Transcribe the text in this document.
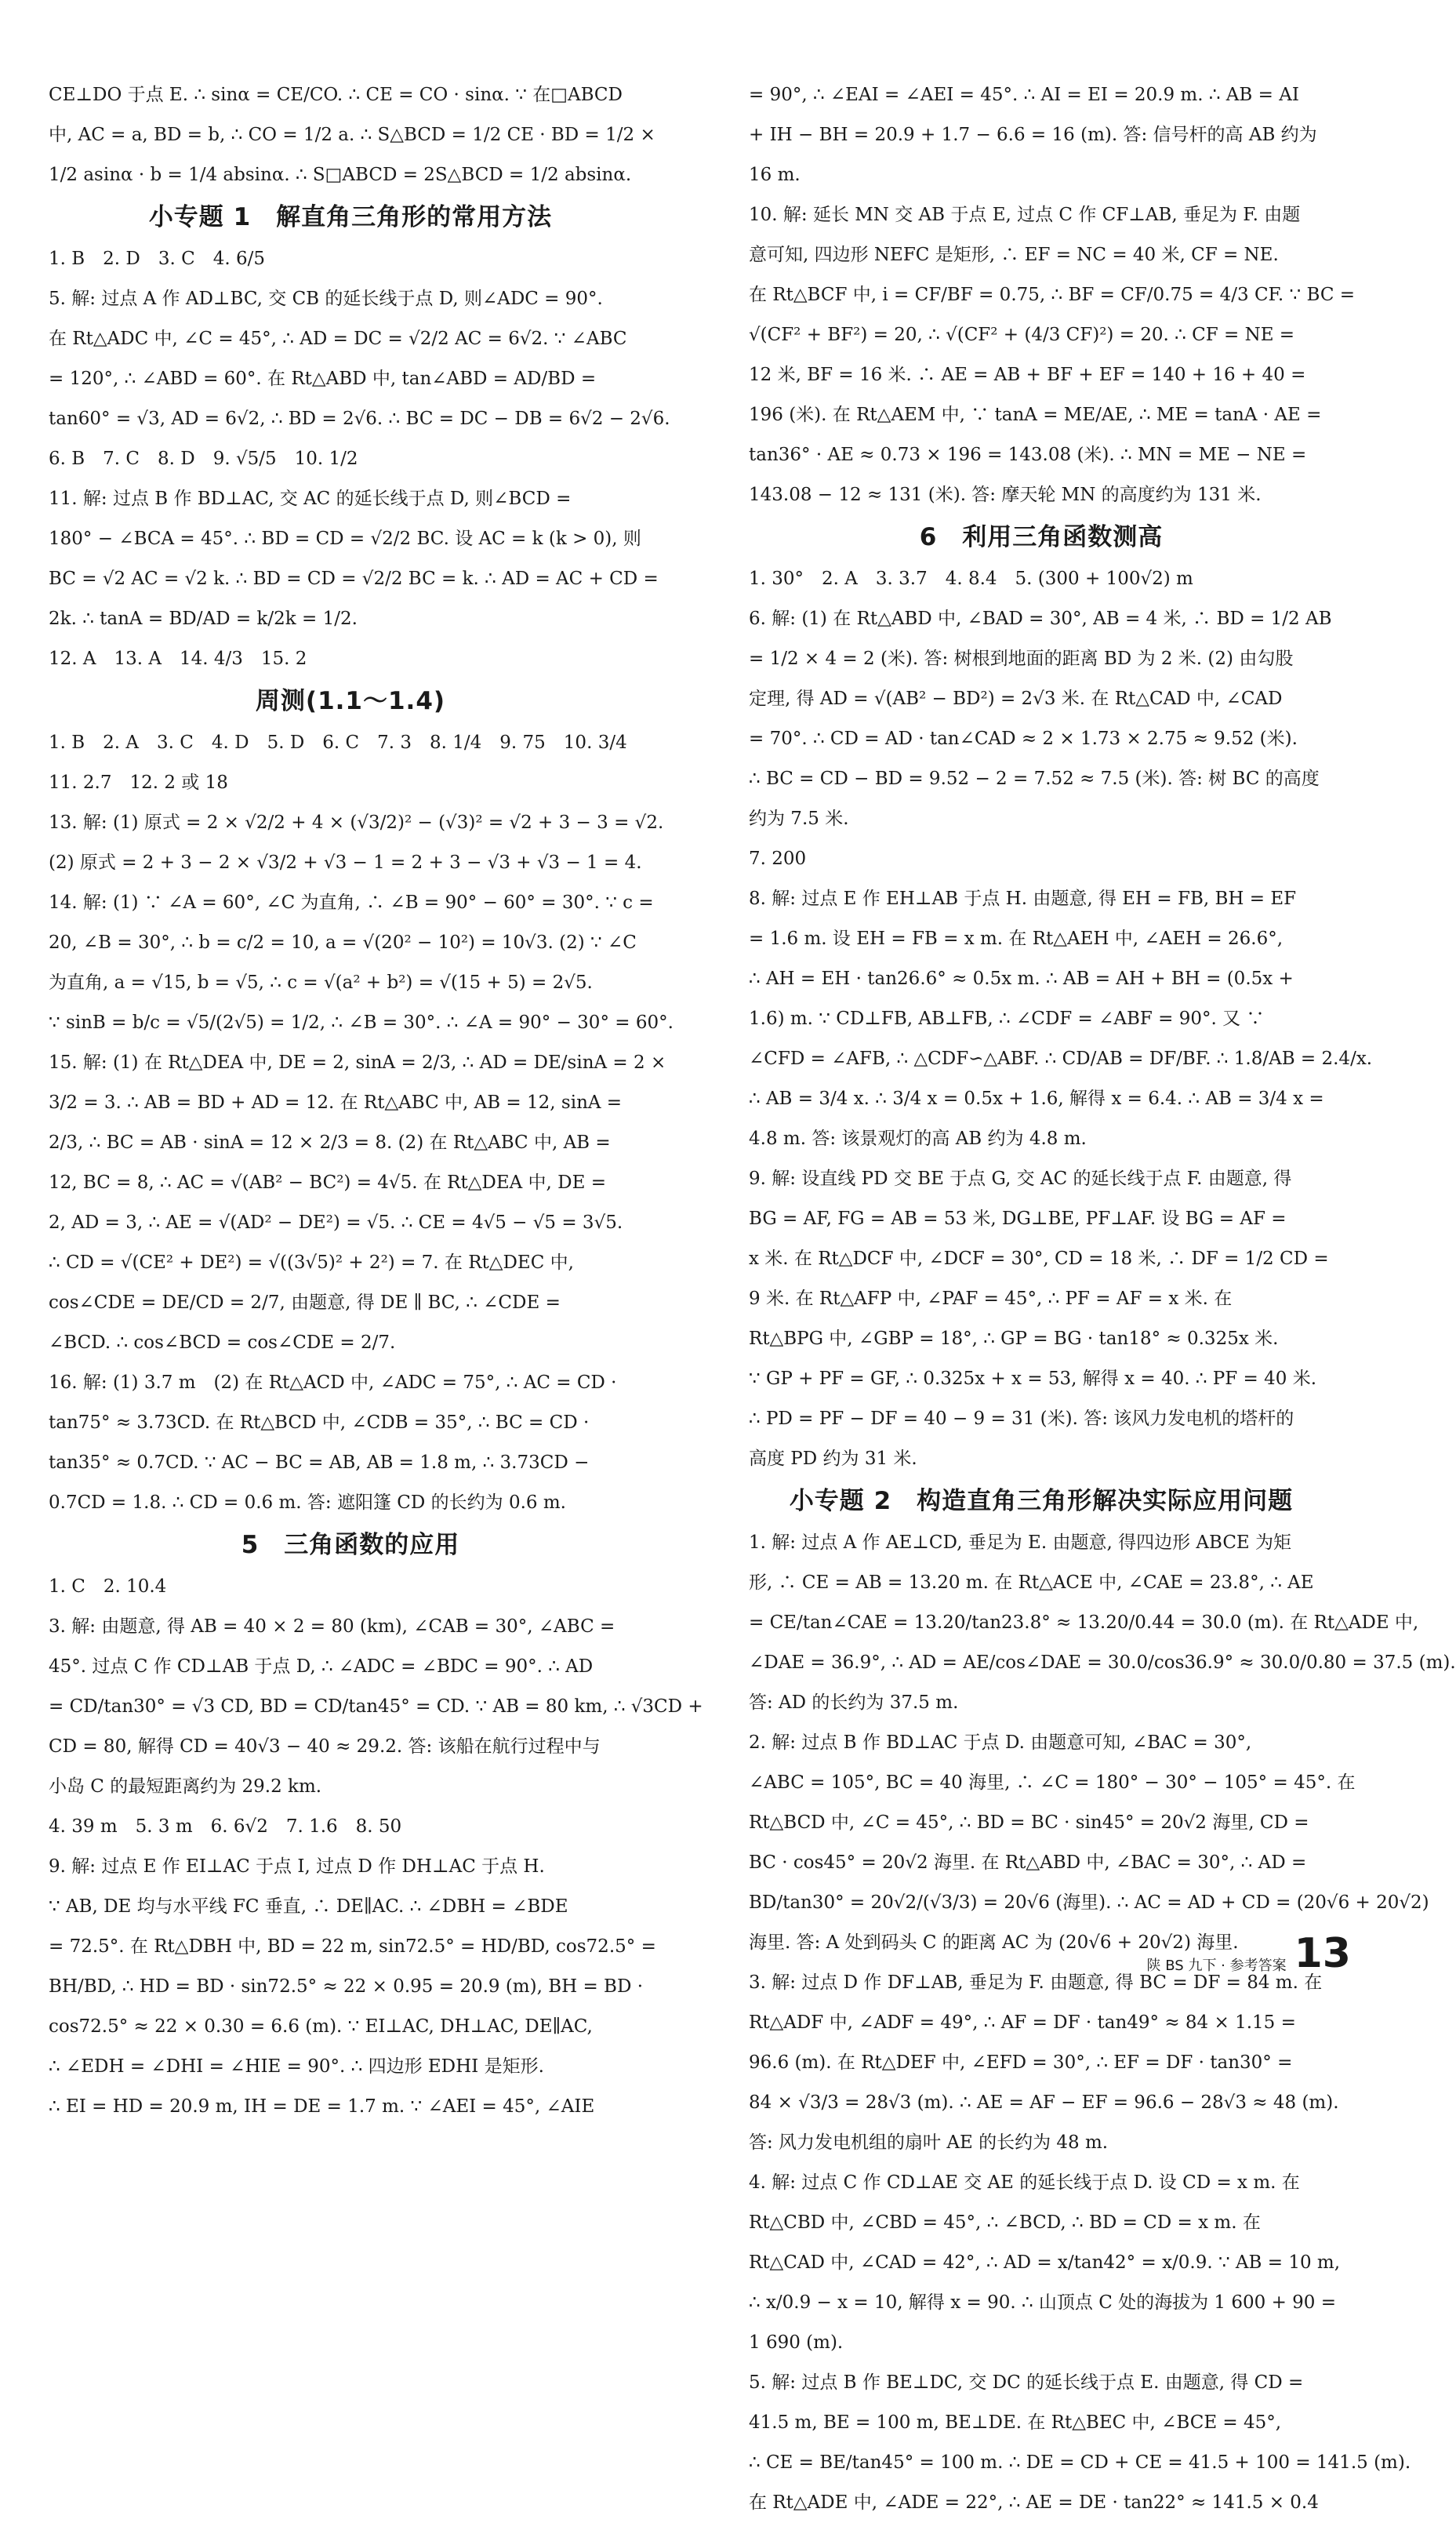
CE⊥DO 于点 E. ∴ sinα = CE/CO. ∴ CE = CO · sinα. ∵ 在□ABCD
中, AC = a, BD = b, ∴ CO = 1/2 a. ∴ S△BCD = 1/2 CE · BD = 1/2 ×
1/2 asinα · b = 1/4 absinα. ∴ S□ABCD = 2S△BCD = 1/2 absinα.
小专题 1　解直角三角形的常用方法
1. B　2. D　3. C　4. 6/5
5. 解: 过点 A 作 AD⊥BC, 交 CB 的延长线于点 D, 则∠ADC = 90°.
在 Rt△ADC 中, ∠C = 45°, ∴ AD = DC = √2/2 AC = 6√2. ∵ ∠ABC
= 120°, ∴ ∠ABD = 60°. 在 Rt△ABD 中, tan∠ABD = AD/BD =
tan60° = √3, AD = 6√2, ∴ BD = 2√6. ∴ BC = DC − DB = 6√2 − 2√6.
6. B　7. C　8. D　9. √5/5　10. 1/2
11. 解: 过点 B 作 BD⊥AC, 交 AC 的延长线于点 D, 则∠BCD =
180° − ∠BCA = 45°. ∴ BD = CD = √2/2 BC. 设 AC = k (k > 0), 则
BC = √2 AC = √2 k. ∴ BD = CD = √2/2 BC = k. ∴ AD = AC + CD =
2k. ∴ tanA = BD/AD = k/2k = 1/2.
12. A　13. A　14. 4/3　15. 2
周测(1.1～1.4)
1. B　2. A　3. C　4. D　5. D　6. C　7. 3　8. 1/4　9. 75　10. 3/4
11. 2.7　12. 2 或 18
13. 解: (1) 原式 = 2 × √2/2 + 4 × (√3/2)² − (√3)² = √2 + 3 − 3 = √2.
(2) 原式 = 2 + 3 − 2 × √3/2 + √3 − 1 = 2 + 3 − √3 + √3 − 1 = 4.
14. 解: (1) ∵ ∠A = 60°, ∠C 为直角, ∴ ∠B = 90° − 60° = 30°. ∵ c =
20, ∠B = 30°, ∴ b = c/2 = 10, a = √(20² − 10²) = 10√3. (2) ∵ ∠C
为直角, a = √15, b = √5, ∴ c = √(a² + b²) = √(15 + 5) = 2√5.
∵ sinB = b/c = √5/(2√5) = 1/2, ∴ ∠B = 30°. ∴ ∠A = 90° − 30° = 60°.
15. 解: (1) 在 Rt△DEA 中, DE = 2, sinA = 2/3, ∴ AD = DE/sinA = 2 ×
3/2 = 3. ∴ AB = BD + AD = 12. 在 Rt△ABC 中, AB = 12, sinA =
2/3, ∴ BC = AB · sinA = 12 × 2/3 = 8. (2) 在 Rt△ABC 中, AB =
12, BC = 8, ∴ AC = √(AB² − BC²) = 4√5. 在 Rt△DEA 中, DE =
2, AD = 3, ∴ AE = √(AD² − DE²) = √5. ∴ CE = 4√5 − √5 = 3√5.
∴ CD = √(CE² + DE²) = √((3√5)² + 2²) = 7. 在 Rt△DEC 中,
cos∠CDE = DE/CD = 2/7, 由题意, 得 DE ∥ BC, ∴ ∠CDE =
∠BCD. ∴ cos∠BCD = cos∠CDE = 2/7.
16. 解: (1) 3.7 m　(2) 在 Rt△ACD 中, ∠ADC = 75°, ∴ AC = CD ·
tan75° ≈ 3.73CD. 在 Rt△BCD 中, ∠CDB = 35°, ∴ BC = CD ·
tan35° ≈ 0.7CD. ∵ AC − BC = AB, AB = 1.8 m, ∴ 3.73CD −
0.7CD = 1.8. ∴ CD = 0.6 m. 答: 遮阳篷 CD 的长约为 0.6 m.
5　三角函数的应用
1. C　2. 10.4
3. 解: 由题意, 得 AB = 40 × 2 = 80 (km), ∠CAB = 30°, ∠ABC =
45°. 过点 C 作 CD⊥AB 于点 D, ∴ ∠ADC = ∠BDC = 90°. ∴ AD
= CD/tan30° = √3 CD, BD = CD/tan45° = CD. ∵ AB = 80 km, ∴ √3CD +
CD = 80, 解得 CD = 40√3 − 40 ≈ 29.2. 答: 该船在航行过程中与
小岛 C 的最短距离约为 29.2 km.
4. 39 m　5. 3 m　6. 6√2　7. 1.6　8. 50
9. 解: 过点 E 作 EI⊥AC 于点 I, 过点 D 作 DH⊥AC 于点 H.
∵ AB, DE 均与水平线 FC 垂直, ∴ DE∥AC. ∴ ∠DBH = ∠BDE
= 72.5°. 在 Rt△DBH 中, BD = 22 m, sin72.5° = HD/BD, cos72.5° =
BH/BD, ∴ HD = BD · sin72.5° ≈ 22 × 0.95 = 20.9 (m), BH = BD ·
cos72.5° ≈ 22 × 0.30 = 6.6 (m). ∵ EI⊥AC, DH⊥AC, DE∥AC,
∴ ∠EDH = ∠DHI = ∠HIE = 90°. ∴ 四边形 EDHI 是矩形.
∴ EI = HD = 20.9 m, IH = DE = 1.7 m. ∵ ∠AEI = 45°, ∠AIE
= 90°, ∴ ∠EAI = ∠AEI = 45°. ∴ AI = EI = 20.9 m. ∴ AB = AI
+ IH − BH = 20.9 + 1.7 − 6.6 = 16 (m). 答: 信号杆的高 AB 约为
16 m.
10. 解: 延长 MN 交 AB 于点 E, 过点 C 作 CF⊥AB, 垂足为 F. 由题
意可知, 四边形 NEFC 是矩形, ∴ EF = NC = 40 米, CF = NE.
在 Rt△BCF 中, i = CF/BF = 0.75, ∴ BF = CF/0.75 = 4/3 CF. ∵ BC =
√(CF² + BF²) = 20, ∴ √(CF² + (4/3 CF)²) = 20. ∴ CF = NE =
12 米, BF = 16 米. ∴ AE = AB + BF + EF = 140 + 16 + 40 =
196 (米). 在 Rt△AEM 中, ∵ tanA = ME/AE, ∴ ME = tanA · AE =
tan36° · AE ≈ 0.73 × 196 = 143.08 (米). ∴ MN = ME − NE =
143.08 − 12 ≈ 131 (米). 答: 摩天轮 MN 的高度约为 131 米.
6　利用三角函数测高
1. 30°　2. A　3. 3.7　4. 8.4　5. (300 + 100√2) m
6. 解: (1) 在 Rt△ABD 中, ∠BAD = 30°, AB = 4 米, ∴ BD = 1/2 AB
= 1/2 × 4 = 2 (米). 答: 树根到地面的距离 BD 为 2 米. (2) 由勾股
定理, 得 AD = √(AB² − BD²) = 2√3 米. 在 Rt△CAD 中, ∠CAD
= 70°. ∴ CD = AD · tan∠CAD ≈ 2 × 1.73 × 2.75 ≈ 9.52 (米).
∴ BC = CD − BD = 9.52 − 2 = 7.52 ≈ 7.5 (米). 答: 树 BC 的高度
约为 7.5 米.
7. 200
8. 解: 过点 E 作 EH⊥AB 于点 H. 由题意, 得 EH = FB, BH = EF
= 1.6 m. 设 EH = FB = x m. 在 Rt△AEH 中, ∠AEH = 26.6°,
∴ AH = EH · tan26.6° ≈ 0.5x m. ∴ AB = AH + BH = (0.5x +
1.6) m. ∵ CD⊥FB, AB⊥FB, ∴ ∠CDF = ∠ABF = 90°. 又 ∵
∠CFD = ∠AFB, ∴ △CDF∽△ABF. ∴ CD/AB = DF/BF. ∴ 1.8/AB = 2.4/x.
∴ AB = 3/4 x. ∴ 3/4 x = 0.5x + 1.6, 解得 x = 6.4. ∴ AB = 3/4 x =
4.8 m. 答: 该景观灯的高 AB 约为 4.8 m.
9. 解: 设直线 PD 交 BE 于点 G, 交 AC 的延长线于点 F. 由题意, 得
BG = AF, FG = AB = 53 米, DG⊥BE, PF⊥AF. 设 BG = AF =
x 米. 在 Rt△DCF 中, ∠DCF = 30°, CD = 18 米, ∴ DF = 1/2 CD =
9 米. 在 Rt△AFP 中, ∠PAF = 45°, ∴ PF = AF = x 米. 在
Rt△BPG 中, ∠GBP = 18°, ∴ GP = BG · tan18° ≈ 0.325x 米.
∵ GP + PF = GF, ∴ 0.325x + x = 53, 解得 x = 40. ∴ PF = 40 米.
∴ PD = PF − DF = 40 − 9 = 31 (米). 答: 该风力发电机的塔杆的
高度 PD 约为 31 米.
小专题 2　构造直角三角形解决实际应用问题
1. 解: 过点 A 作 AE⊥CD, 垂足为 E. 由题意, 得四边形 ABCE 为矩
形, ∴ CE = AB = 13.20 m. 在 Rt△ACE 中, ∠CAE = 23.8°, ∴ AE
= CE/tan∠CAE = 13.20/tan23.8° ≈ 13.20/0.44 = 30.0 (m). 在 Rt△ADE 中,
∠DAE = 36.9°, ∴ AD = AE/cos∠DAE = 30.0/cos36.9° ≈ 30.0/0.80 = 37.5 (m).
答: AD 的长约为 37.5 m.
2. 解: 过点 B 作 BD⊥AC 于点 D. 由题意可知, ∠BAC = 30°,
∠ABC = 105°, BC = 40 海里, ∴ ∠C = 180° − 30° − 105° = 45°. 在
Rt△BCD 中, ∠C = 45°, ∴ BD = BC · sin45° = 20√2 海里, CD =
BC · cos45° = 20√2 海里. 在 Rt△ABD 中, ∠BAC = 30°, ∴ AD =
BD/tan30° = 20√2/(√3/3) = 20√6 (海里). ∴ AC = AD + CD = (20√6 + 20√2)
海里. 答: A 处到码头 C 的距离 AC 为 (20√6 + 20√2) 海里.
3. 解: 过点 D 作 DF⊥AB, 垂足为 F. 由题意, 得 BC = DF = 84 m. 在
Rt△ADF 中, ∠ADF = 49°, ∴ AF = DF · tan49° ≈ 84 × 1.15 =
96.6 (m). 在 Rt△DEF 中, ∠EFD = 30°, ∴ EF = DF · tan30° =
84 × √3/3 = 28√3 (m). ∴ AE = AF − EF = 96.6 − 28√3 ≈ 48 (m).
答: 风力发电机组的扇叶 AE 的长约为 48 m.
4. 解: 过点 C 作 CD⊥AE 交 AE 的延长线于点 D. 设 CD = x m. 在
Rt△CBD 中, ∠CBD = 45°, ∴ ∠BCD, ∴ BD = CD = x m. 在
Rt△CAD 中, ∠CAD = 42°, ∴ AD = x/tan42° = x/0.9. ∵ AB = 10 m,
∴ x/0.9 − x = 10, 解得 x = 90. ∴ 山顶点 C 处的海拔为 1 600 + 90 =
1 690 (m).
5. 解: 过点 B 作 BE⊥DC, 交 DC 的延长线于点 E. 由题意, 得 CD =
41.5 m, BE = 100 m, BE⊥DE. 在 Rt△BEC 中, ∠BCE = 45°,
∴ CE = BE/tan45° = 100 m. ∴ DE = CD + CE = 41.5 + 100 = 141.5 (m).
在 Rt△ADE 中, ∠ADE = 22°, ∴ AE = DE · tan22° ≈ 141.5 × 0.4
陕 BS 九下 · 参考答案 13
